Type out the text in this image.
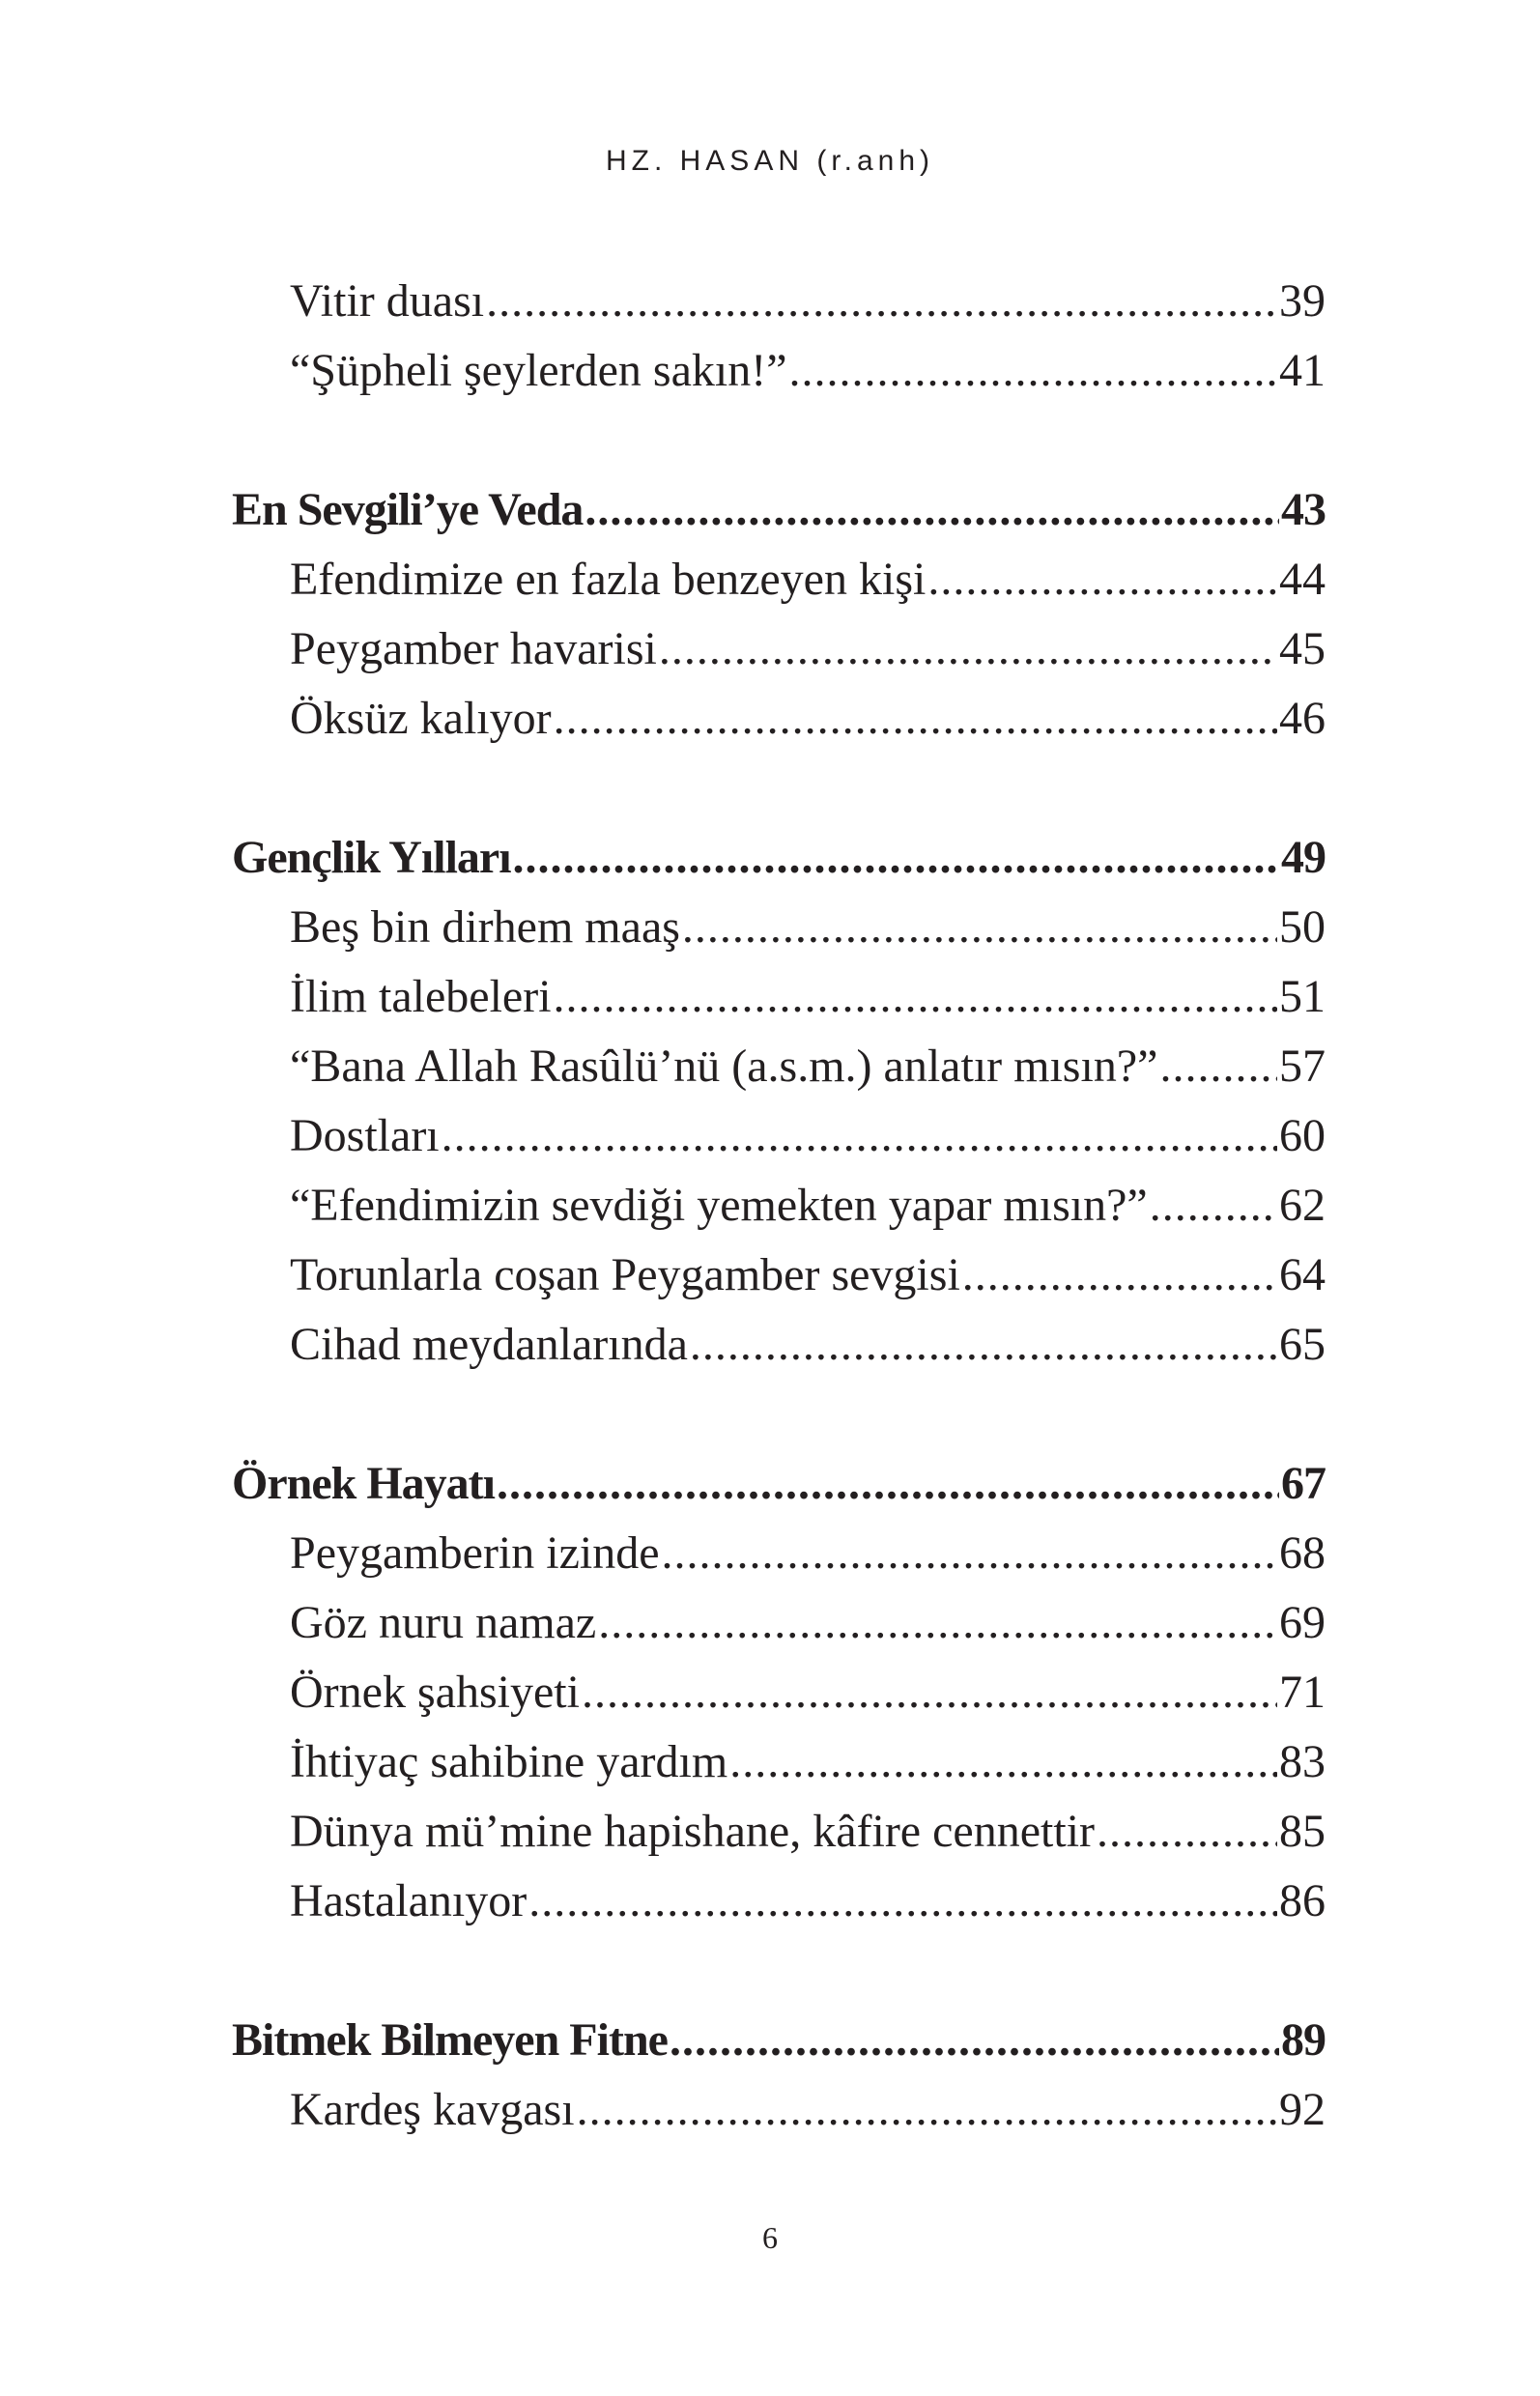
HZ. HASAN (r.anh)
Vitir duası .....	39
“Şüpheli şeylerden sakın!” .....	41
En Sevgili’ye Veda .....	43
Efendimize en fazla benzeyen kişi .....	44
Peygamber havarisi .....	45
Öksüz kalıyor .....	46
Gençlik Yılları .....	49
Beş bin dirhem maaş .....	50
İlim talebeleri .....	51
“Bana Allah Rasûlü’nü (a.s.m.) anlatır mısın?” .....	57
Dostları .....	60
“Efendimizin sevdiği yemekten yapar mısın?” .....	62
Torunlarla coşan Peygamber sevgisi .....	64
Cihad meydanlarında .....	65
Örnek Hayatı .....	67
Peygamberin izinde .....	68
Göz nuru namaz .....	69
Örnek şahsiyeti .....	71
İhtiyaç sahibine yardım .....	83
Dünya mü’mine hapishane, kâfire cennettir .....	85
Hastalanıyor .....	86
Bitmek Bilmeyen Fitne .....	89
Kardeş kavgası .....	92
6
